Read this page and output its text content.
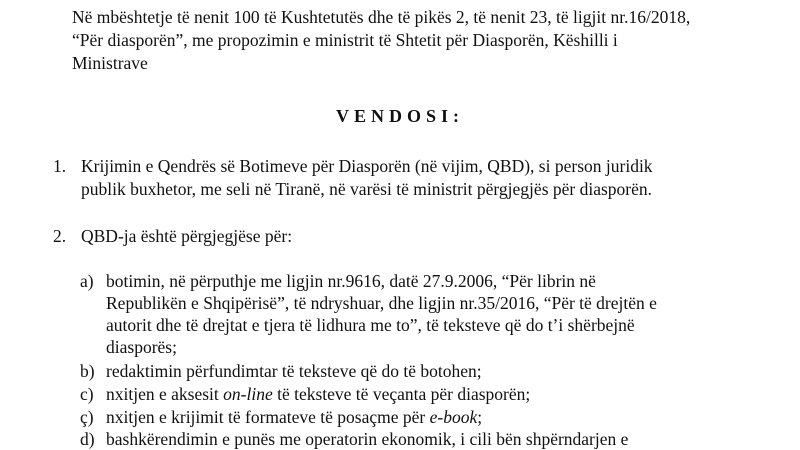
Në mbështetje të nenit 100 të Kushtetutës dhe të pikës 2, të nenit 23, të ligjit nr.16/2018,
“Për diasporën”, me propozimin e ministrit të Shtetit për Diasporën, Këshilli i
Ministrave

VENDOSI:

1. Krijimin e Qendrës së Botimeve për Diasporën (në vijim, QBD), si person juridik
publik buxhetor, me seli në Tiranë, në varësi të ministrit përgjegjës për diasporën.
2. QBD-ja është përgjegjëse për:
a) botimin, në përputhje me ligjin nr.9616, datë 27.9.2006, “Për librin në
Republikën e Shqipërisë”, të ndryshuar, dhe ligjin nr.35/2016, “Për të drejtën e
autorit dhe të drejtat e tjera të lidhura me to”, të teksteve që do t’i shërbejnë
diasporës;
b) redaktimin përfundimtar të teksteve që do të botohen;
c) nxitjen e aksesit on-line të teksteve të veçanta për diasporën;
ç) nxitjen e krijimit të formateve të posaçme për e-book;
d) bashkërendimin e punës me operatorin ekonomik, i cili bën shpërndarjen e
